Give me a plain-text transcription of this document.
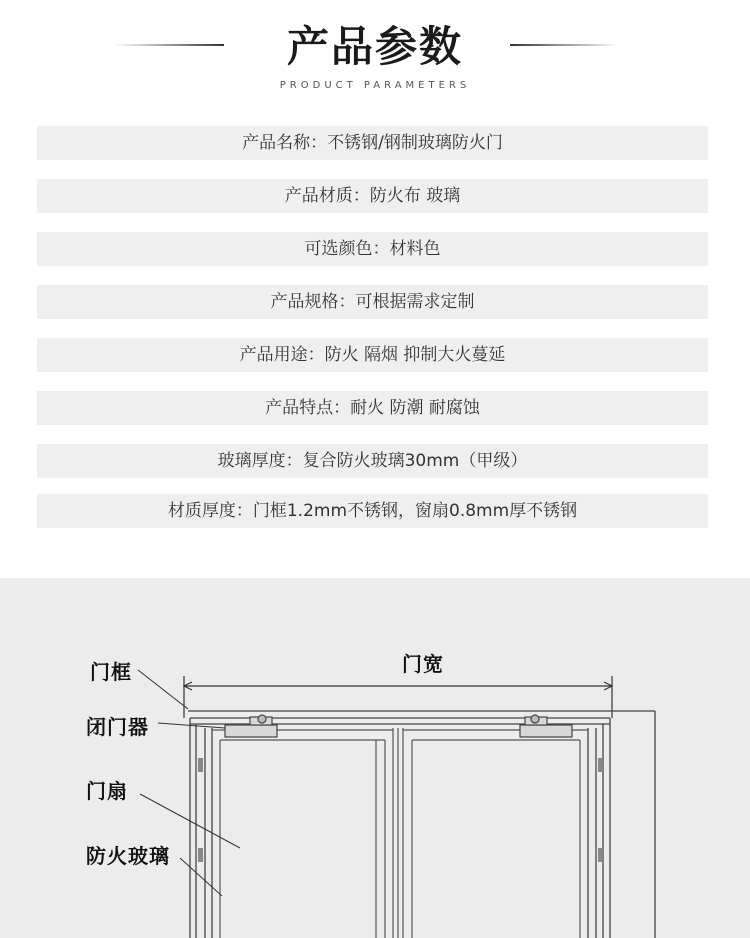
产品参数
PRODUCT PARAMETERS
产品名称：不锈钢/钢制玻璃防火门
产品材质：防火布 玻璃
可选颜色：材料色
产品规格：可根据需求定制
产品用途：防火 隔烟 抑制大火蔓延
产品特点：耐火 防潮 耐腐蚀
玻璃厚度：复合防火玻璃30mm（甲级）
材质厚度：门框1.2mm不锈钢，窗扇0.8mm厚不锈钢
门框
闭门器
门扇
防火玻璃
门宽
